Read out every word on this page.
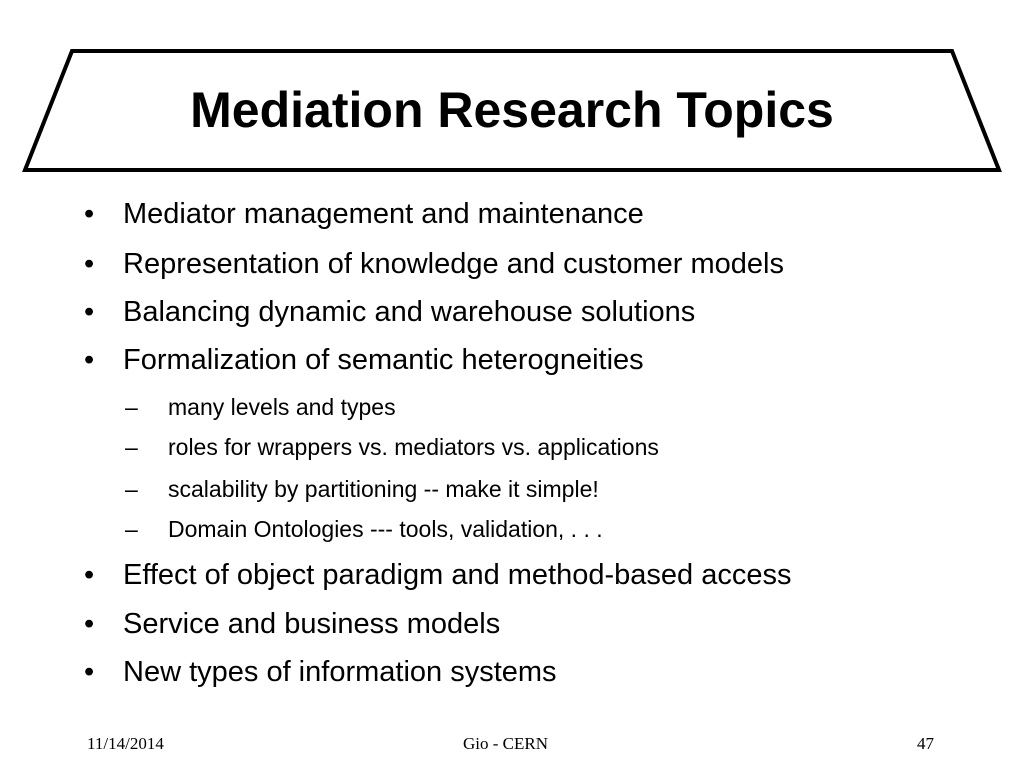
Mediation Research Topics
• Mediator management and maintenance
• Representation of knowledge and customer models
• Balancing dynamic and warehouse solutions
• Formalization of semantic heterogneities
– many levels and types
– roles for wrappers vs. mediators vs. applications
– scalability by partitioning -- make it simple!
– Domain Ontologies --- tools, validation, . . .
• Effect of object paradigm and method-based access
• Service and business models
• New types of information systems
11/14/2014	Gio - CERN	47
